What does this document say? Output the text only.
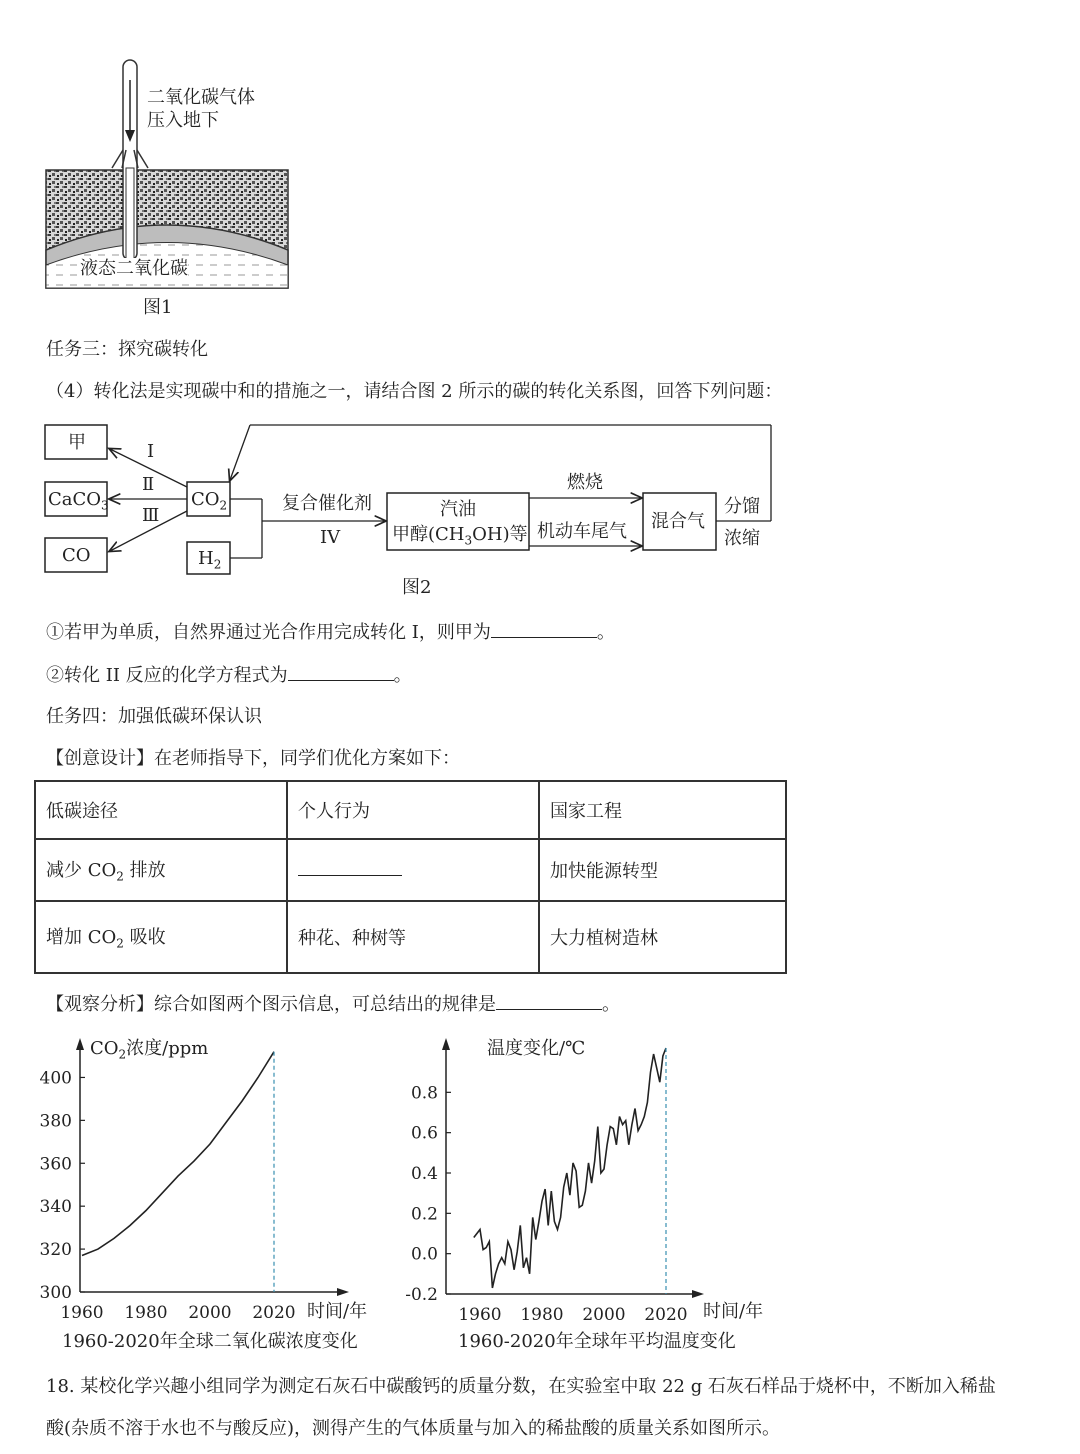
二氧化碳气体
压入地下
液态二氧化碳
图1
任务三：探究碳转化
（4）转化法是实现碳中和的措施之一，请结合图 2 所示的碳的转化关系图，回答下列问题：
甲
CaCO$_3$
CO
$CO_2$
$H_2$
I
Ⅱ
Ⅲ
复合催化剂
IV
汽油
甲醇$(CH_3OH)$等
燃烧
机动车尾气 混合气
分馏
浓缩
图2
①若甲为单质，自然界通过光合作用完成转化 I，则甲为	。
②转化 II 反应的化学方程式为	。
任务四：加强低碳环保认识
【创意设计】在老师指导下，同学们优化方案如下：
低碳途径	个人行为	国家工程
减少 $CO_2$ 排放		加快能源转型
增加 $CO_2$ 吸收	种花、种树等	大力植树造林
【观察分析】综合如图两个图示信息，可总结出的规律是	。
300
320
340
360
380
400
1960 1980 2000 2020
$CO_2$浓度/ppm
时间/年
1960-2020年全球二氧化碳浓度变化
-0.2
0.0
0.2
0.4
0.6
0.8
1960 1980 2000 2020
温度变化/℃
时间/年
1960-2020年全球年平均温度变化
18. 某校化学兴趣小组同学为测定石灰石中碳酸钙的质量分数，在实验室中取 22 g 石灰石样品于烧杯中，不断加入稀盐
酸(杂质不溶于水也不与酸反应)，测得产生的气体质量与加入的稀盐酸的质量关系如图所示。
